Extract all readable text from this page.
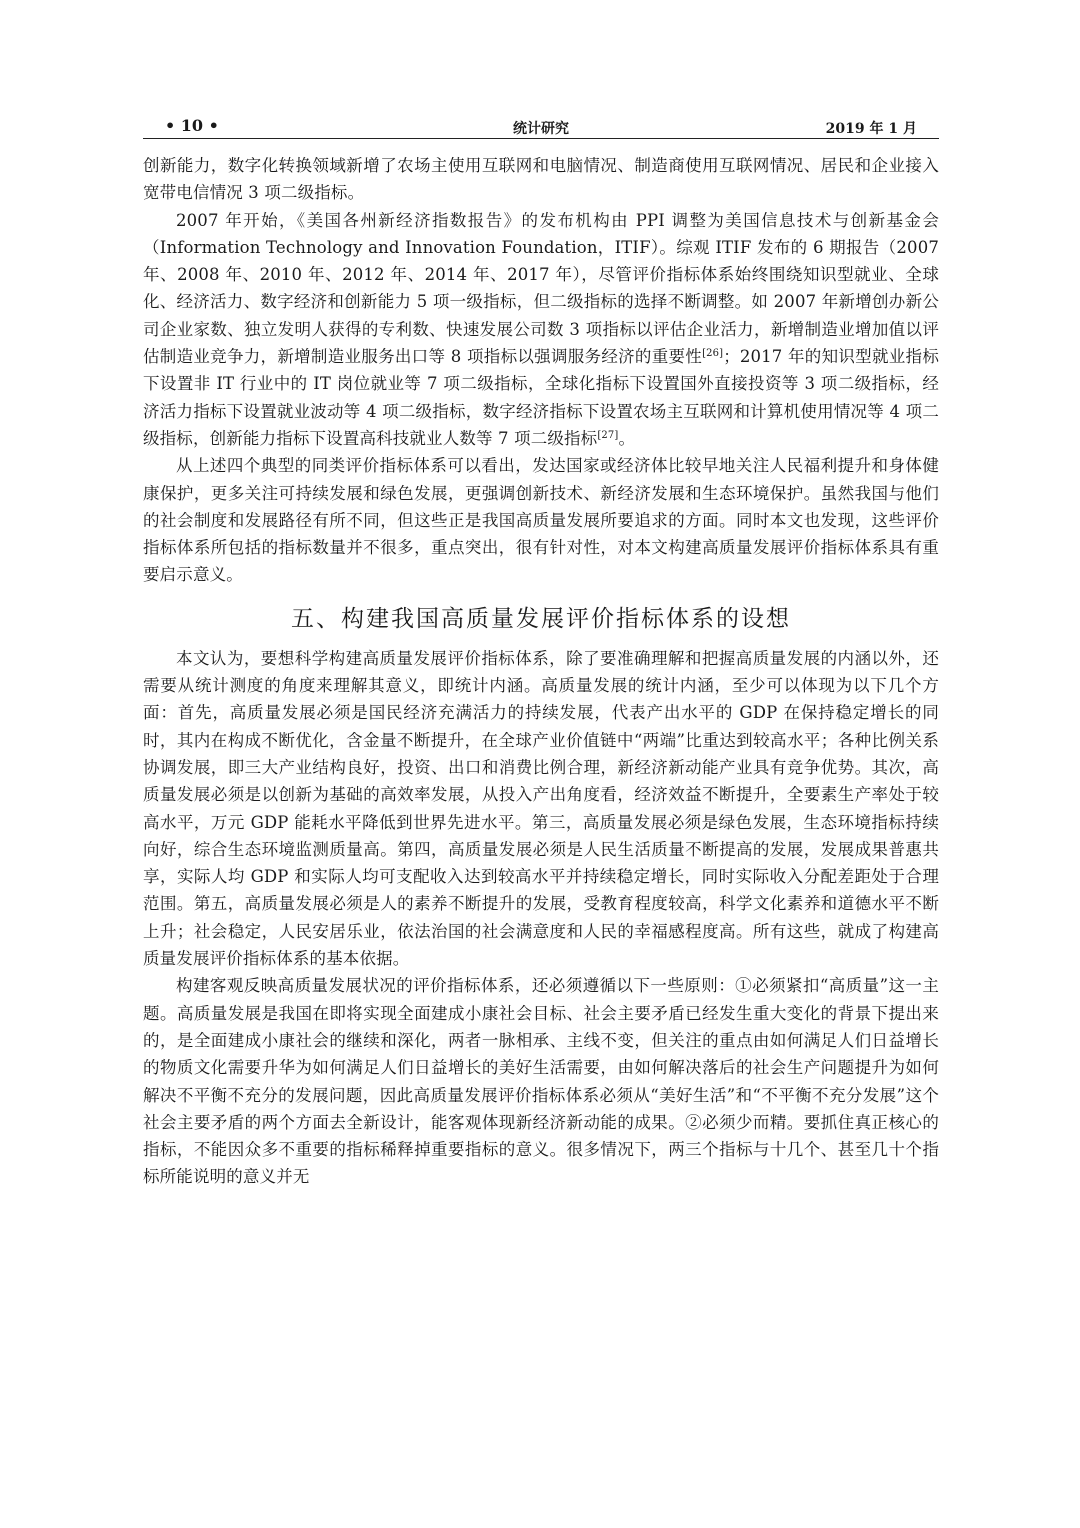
• 10 •	统计研究	2019 年 1 月

创新能力，数字化转换领域新增了农场主使用互联网和电脑情况、制造商使用互联网情况、居民和企业接入宽带电信情况 3 项二级指标。

2007 年开始，《美国各州新经济指数报告》的发布机构由 PPI 调整为美国信息技术与创新基金会（Information Technology and Innovation Foundation，ITIF）。综观 ITIF 发布的 6 期报告（2007 年、2008 年、2010 年、2012 年、2014 年、2017 年），尽管评价指标体系始终围绕知识型就业、全球化、经济活力、数字经济和创新能力 5 项一级指标，但二级指标的选择不断调整。如 2007 年新增创办新公司企业家数、独立发明人获得的专利数、快速发展公司数 3 项指标以评估企业活力，新增制造业增加值以评估制造业竞争力，新增制造业服务出口等 8 项指标以强调服务经济的重要性[26]；2017 年的知识型就业指标下设置非 IT 行业中的 IT 岗位就业等 7 项二级指标，全球化指标下设置国外直接投资等 3 项二级指标，经济活力指标下设置就业波动等 4 项二级指标，数字经济指标下设置农场主互联网和计算机使用情况等 4 项二级指标，创新能力指标下设置高科技就业人数等 7 项二级指标[27]。

从上述四个典型的同类评价指标体系可以看出，发达国家或经济体比较早地关注人民福利提升和身体健康保护，更多关注可持续发展和绿色发展，更强调创新技术、新经济发展和生态环境保护。虽然我国与他们的社会制度和发展路径有所不同，但这些正是我国高质量发展所要追求的方面。同时本文也发现，这些评价指标体系所包括的指标数量并不很多，重点突出，很有针对性，对本文构建高质量发展评价指标体系具有重要启示意义。

五、构建我国高质量发展评价指标体系的设想

本文认为，要想科学构建高质量发展评价指标体系，除了要准确理解和把握高质量发展的内涵以外，还需要从统计测度的角度来理解其意义，即统计内涵。高质量发展的统计内涵，至少可以体现为以下几个方面：首先，高质量发展必须是国民经济充满活力的持续发展，代表产出水平的 GDP 在保持稳定增长的同时，其内在构成不断优化，含金量不断提升，在全球产业价值链中“两端”比重达到较高水平；各种比例关系协调发展，即三大产业结构良好，投资、出口和消费比例合理，新经济新动能产业具有竞争优势。其次，高质量发展必须是以创新为基础的高效率发展，从投入产出角度看，经济效益不断提升，全要素生产率处于较高水平，万元 GDP 能耗水平降低到世界先进水平。第三，高质量发展必须是绿色发展，生态环境指标持续向好，综合生态环境监测质量高。第四，高质量发展必须是人民生活质量不断提高的发展，发展成果普惠共享，实际人均 GDP 和实际人均可支配收入达到较高水平并持续稳定增长，同时实际收入分配差距处于合理范围。第五，高质量发展必须是人的素养不断提升的发展，受教育程度较高，科学文化素养和道德水平不断上升；社会稳定，人民安居乐业，依法治国的社会满意度和人民的幸福感程度高。所有这些，就成了构建高质量发展评价指标体系的基本依据。

构建客观反映高质量发展状况的评价指标体系，还必须遵循以下一些原则：①必须紧扣“高质量”这一主题。高质量发展是我国在即将实现全面建成小康社会目标、社会主要矛盾已经发生重大变化的背景下提出来的，是全面建成小康社会的继续和深化，两者一脉相承、主线不变，但关注的重点由如何满足人们日益增长的物质文化需要升华为如何满足人们日益增长的美好生活需要，由如何解决落后的社会生产问题提升为如何解决不平衡不充分的发展问题，因此高质量发展评价指标体系必须从“美好生活”和“不平衡不充分发展”这个社会主要矛盾的两个方面去全新设计，能客观体现新经济新动能的成果。②必须少而精。要抓住真正核心的指标，不能因众多不重要的指标稀释掉重要指标的意义。很多情况下，两三个指标与十几个、甚至几十个指标所能说明的意义并无
